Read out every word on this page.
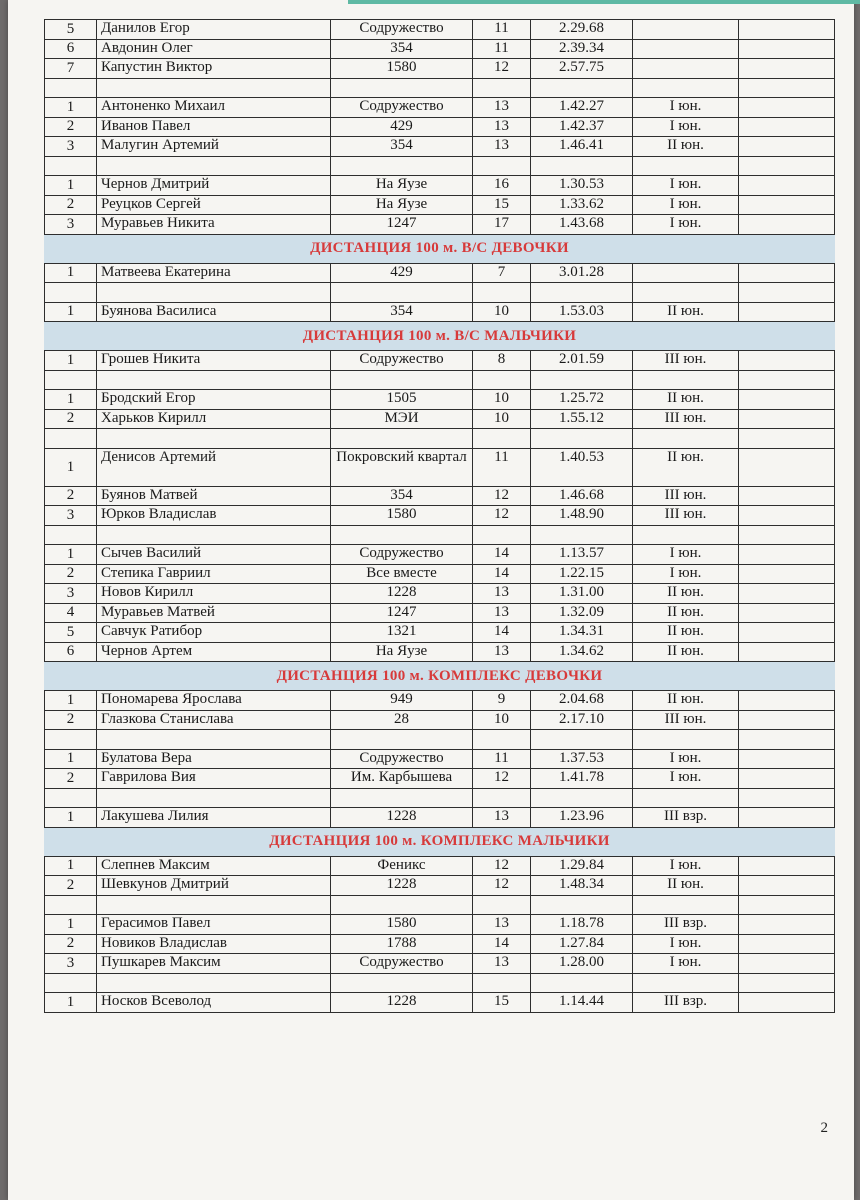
5	Данилов Егор	Содружество	11	2.29.68		
6	Авдонин Олег	354	11	2.39.34		
7	Капустин Виктор	1580	12	2.57.75		

1	Антоненко Михаил	Содружество	13	1.42.27	I юн.	
2	Иванов Павел	429	13	1.42.37	I юн.	
3	Малугин Артемий	354	13	1.46.41	II юн.	

1	Чернов Дмитрий	На Яузе	16	1.30.53	I юн.	
2	Реуцков Сергей	На Яузе	15	1.33.62	I юн.	
3	Муравьев Никита	1247	17	1.43.68	I юн.	
ДИСТАНЦИЯ 100 м. В/С ДЕВОЧКИ						
1	Матвеева Екатерина	429	7	3.01.28		

1	Буянова Василиса	354	10	1.53.03	II юн.	
ДИСТАНЦИЯ 100 м. В/С МАЛЬЧИКИ						
1	Грошев Никита	Содружество	8	2.01.59	III юн.	

1	Бродский Егор	1505	10	1.25.72	II юн.	
2	Харьков Кирилл	МЭИ	10	1.55.12	III юн.	

1	Денисов Артемий	Покровский квартал	11	1.40.53	II юн.	
2	Буянов Матвей	354	12	1.46.68	III юн.	
3	Юрков Владислав	1580	12	1.48.90	III юн.	

1	Сычев Василий	Содружество	14	1.13.57	I юн.	
2	Степика Гавриил	Все вместе	14	1.22.15	I юн.	
3	Новов Кирилл	1228	13	1.31.00	II юн.	
4	Муравьев Матвей	1247	13	1.32.09	II юн.	
5	Савчук Ратибор	1321	14	1.34.31	II юн.	
6	Чернов Артем	На Яузе	13	1.34.62	II юн.	
ДИСТАНЦИЯ 100 м. КОМПЛЕКС ДЕВОЧКИ						
1	Пономарева Ярослава	949	9	2.04.68	II юн.	
2	Глазкова Станислава	28	10	2.17.10	III юн.	

1	Булатова Вера	Содружество	11	1.37.53	I юн.	
2	Гаврилова Вия	Им. Карбышева	12	1.41.78	I юн.	

1	Лакушева Лилия	1228	13	1.23.96	III взр.	
ДИСТАНЦИЯ 100 м. КОМПЛЕКС МАЛЬЧИКИ						
1	Слепнев Максим	Феникс	12	1.29.84	I юн.	
2	Шевкунов Дмитрий	1228	12	1.48.34	II юн.	

1	Герасимов Павел	1580	13	1.18.78	III взр.	
2	Новиков Владислав	1788	14	1.27.84	I юн.	
3	Пушкарев Максим	Содружество	13	1.28.00	I юн.	

1	Носков Всеволод	1228	15	1.14.44	III взр.	
2
